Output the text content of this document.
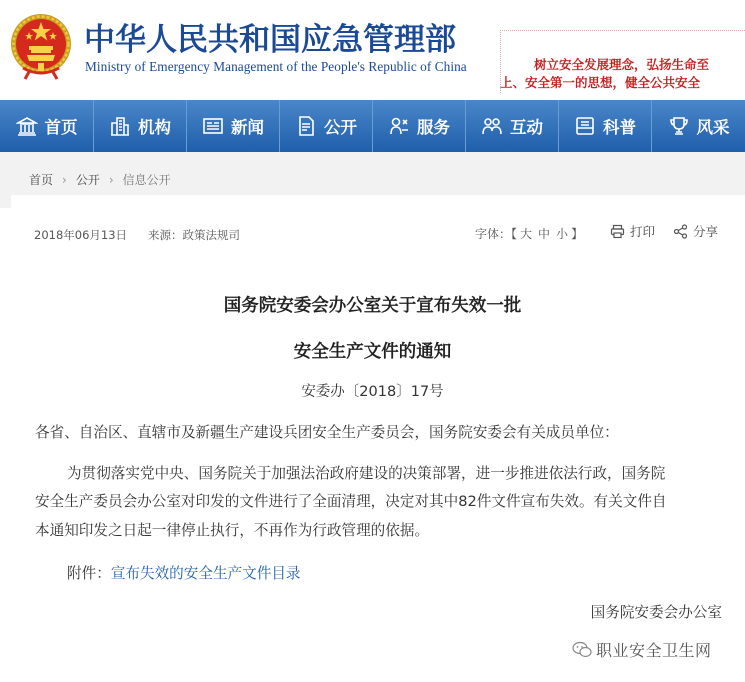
中华人民共和国应急管理部
Ministry of Emergency Management of the People's Republic of China	树立安全发展理念，弘扬生命至
上、安全第一的思想，健全公共安全
首页	机构	新闻	公开	服务	互动	科普	风采
首页 › 公开 › 信息公开
2018年06月13日 来源：政策法规司	字体：【 大 中 小 】	打印	分享
国务院安委会办公室关于宣布失效一批
安全生产文件的通知
安委办〔2018〕17号
各省、自治区、直辖市及新疆生产建设兵团安全生产委员会，国务院安委会有关成员单位：
为贯彻落实党中央、国务院关于加强法治政府建设的决策部署，进一步推进依法行政，国务院
安全生产委员会办公室对印发的文件进行了全面清理，决定对其中82件文件宣布失效。有关文件自
本通知印发之日起一律停止执行，不再作为行政管理的依据。
附件：宣布失效的安全生产文件目录
国务院安委会办公室
职业安全卫生网
